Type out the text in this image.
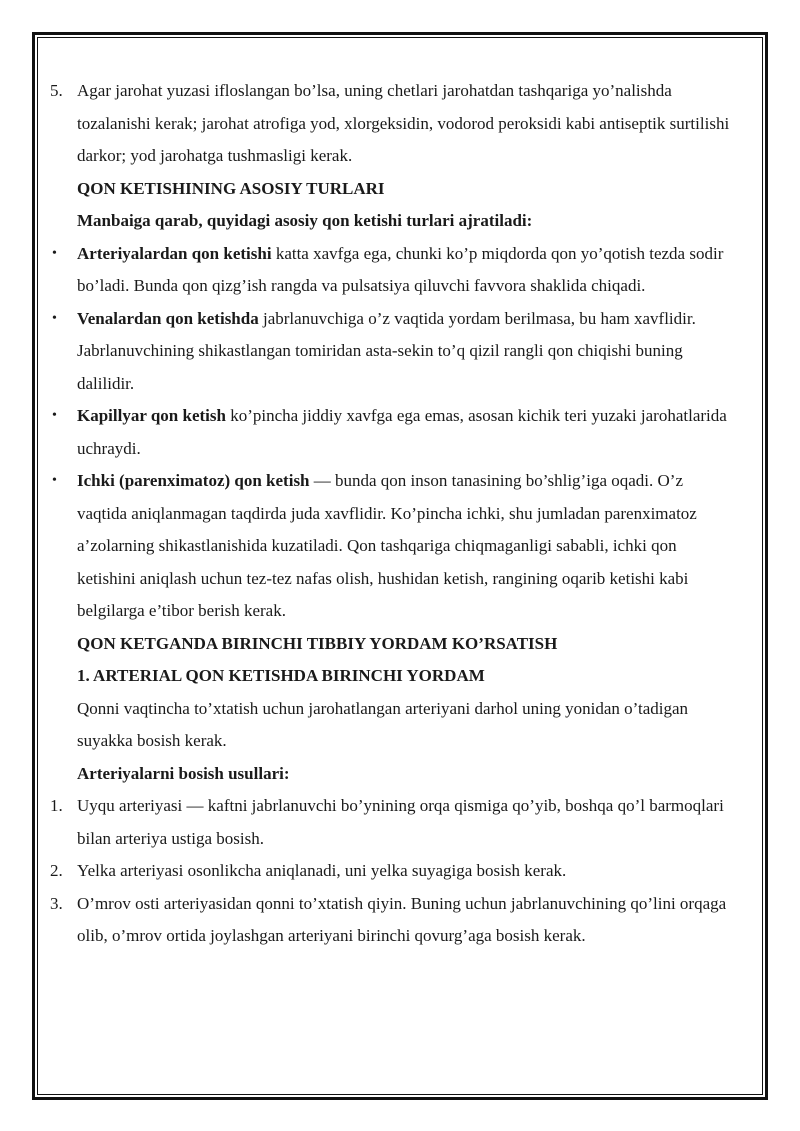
5. Agar jarohat yuzasi ifloslangan bo’lsa, uning chetlari jarohatdan tashqariga yo’nalishda tozalanishi kerak; jarohat atrofiga yod, xlorgeksidin, vodorod peroksidi kabi antiseptik surtilishi darkor; yod jarohatga tushmasligi kerak.
QON KETISHINING ASOSIY TURLARI
Manbaiga qarab, quyidagi asosiy qon ketishi turlari ajratiladi:
• Arteriyalardan qon ketishi katta xavfga ega, chunki ko’p miqdorda qon yo’qotish tezda sodir bo’ladi. Bunda qon qizg’ish rangda va pulsatsiya qiluvchi favvora shaklida chiqadi.
• Venalardan qon ketishda jabrlanuvchiga o’z vaqtida yordam berilmasa, bu ham xavflidir. Jabrlanuvchining shikastlangan tomiridan asta-sekin to’q qizil rangli qon chiqishi buning dalilidir.
• Kapillyar qon ketish ko’pincha jiddiy xavfga ega emas, asosan kichik teri yuzaki jarohatlarida uchraydi.
• Ichki (parenximatoz) qon ketish — bunda qon inson tanasining bo’shlig’iga oqadi. O’z vaqtida aniqlanmagan taqdirda juda xavflidir. Ko’pincha ichki, shu jumladan parenximatoz a’zolarning shikastlanishida kuzatiladi. Qon tashqariga chiqmaganligi sababli, ichki qon ketishini aniqlash uchun tez-tez nafas olish, hushidan ketish, rangining oqarib ketishi kabi belgilarga e’tibor berish kerak.
QON KETGANDA BIRINCHI TIBBIY YORDAM KO’RSATISH
1. ARTERIAL QON KETISHDA BIRINCHI YORDAM
Qonni vaqtincha to’xtatish uchun jarohatlangan arteriyani darhol uning yonidan o’tadigan suyakka bosish kerak.
Arteriyalarni bosish usullari:
1. Uyqu arteriyasi — kaftni jabrlanuvchi bo’ynining orqa qismiga qo’yib, boshqa qo’l barmoqlari bilan arteriya ustiga bosish.
2. Yelka arteriyasi osonlikcha aniqlanadi, uni yelka suyagiga bosish kerak.
3. O’mrov osti arteriyasidan qonni to’xtatish qiyin. Buning uchun jabrlanuvchining qo’lini orqaga olib, o’mrov ortida joylashgan arteriyani birinchi qovurg’aga bosish kerak.
